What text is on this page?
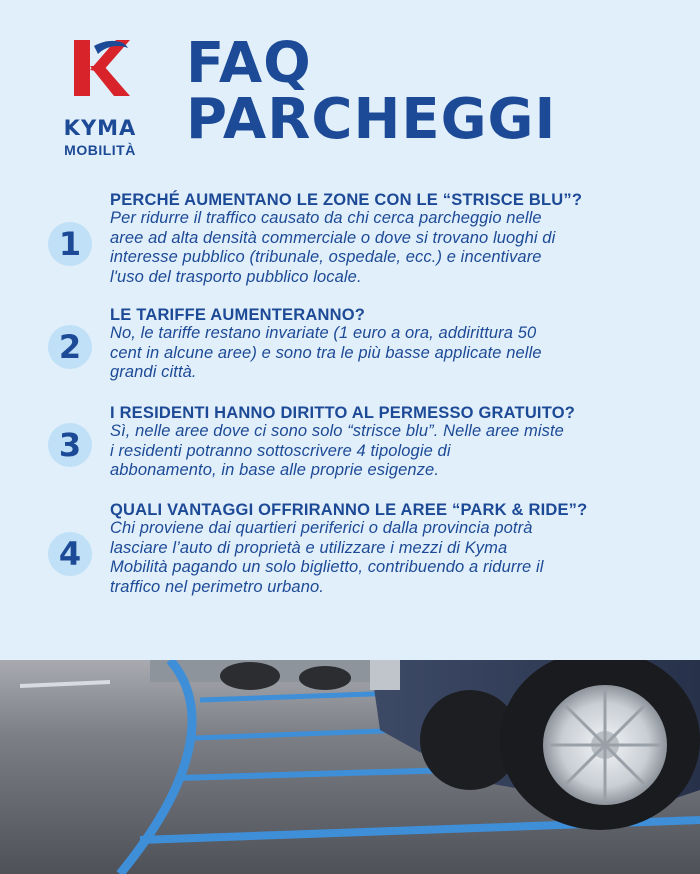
KYMA
MOBILITÀ
FAQ
PARCHEGGI
1
PERCHÉ AUMENTANO LE ZONE CON LE “STRISCE BLU”?
Per ridurre il traffico causato da chi cerca parcheggio nelle
aree ad alta densità commerciale o dove si trovano luoghi di
interesse pubblico (tribunale, ospedale, ecc.) e incentivare
l'uso del trasporto pubblico locale.
2
LE TARIFFE AUMENTERANNO?
No, le tariffe restano invariate (1 euro a ora, addirittura 50
cent in alcune aree) e sono tra le più basse applicate nelle
grandi città.
3
I RESIDENTI HANNO DIRITTO AL PERMESSO GRATUITO?
Sì, nelle aree dove ci sono solo “strisce blu”. Nelle aree miste
i residenti potranno sottoscrivere 4 tipologie di
abbonamento, in base alle proprie esigenze.
4
QUALI VANTAGGI OFFRIRANNO LE AREE “PARK & RIDE”?
Chi proviene dai quartieri periferici o dalla provincia potrà
lasciare l’auto di proprietà e utilizzare i mezzi di Kyma
Mobilità pagando un solo biglietto, contribuendo a ridurre il
traffico nel perimetro urbano.
